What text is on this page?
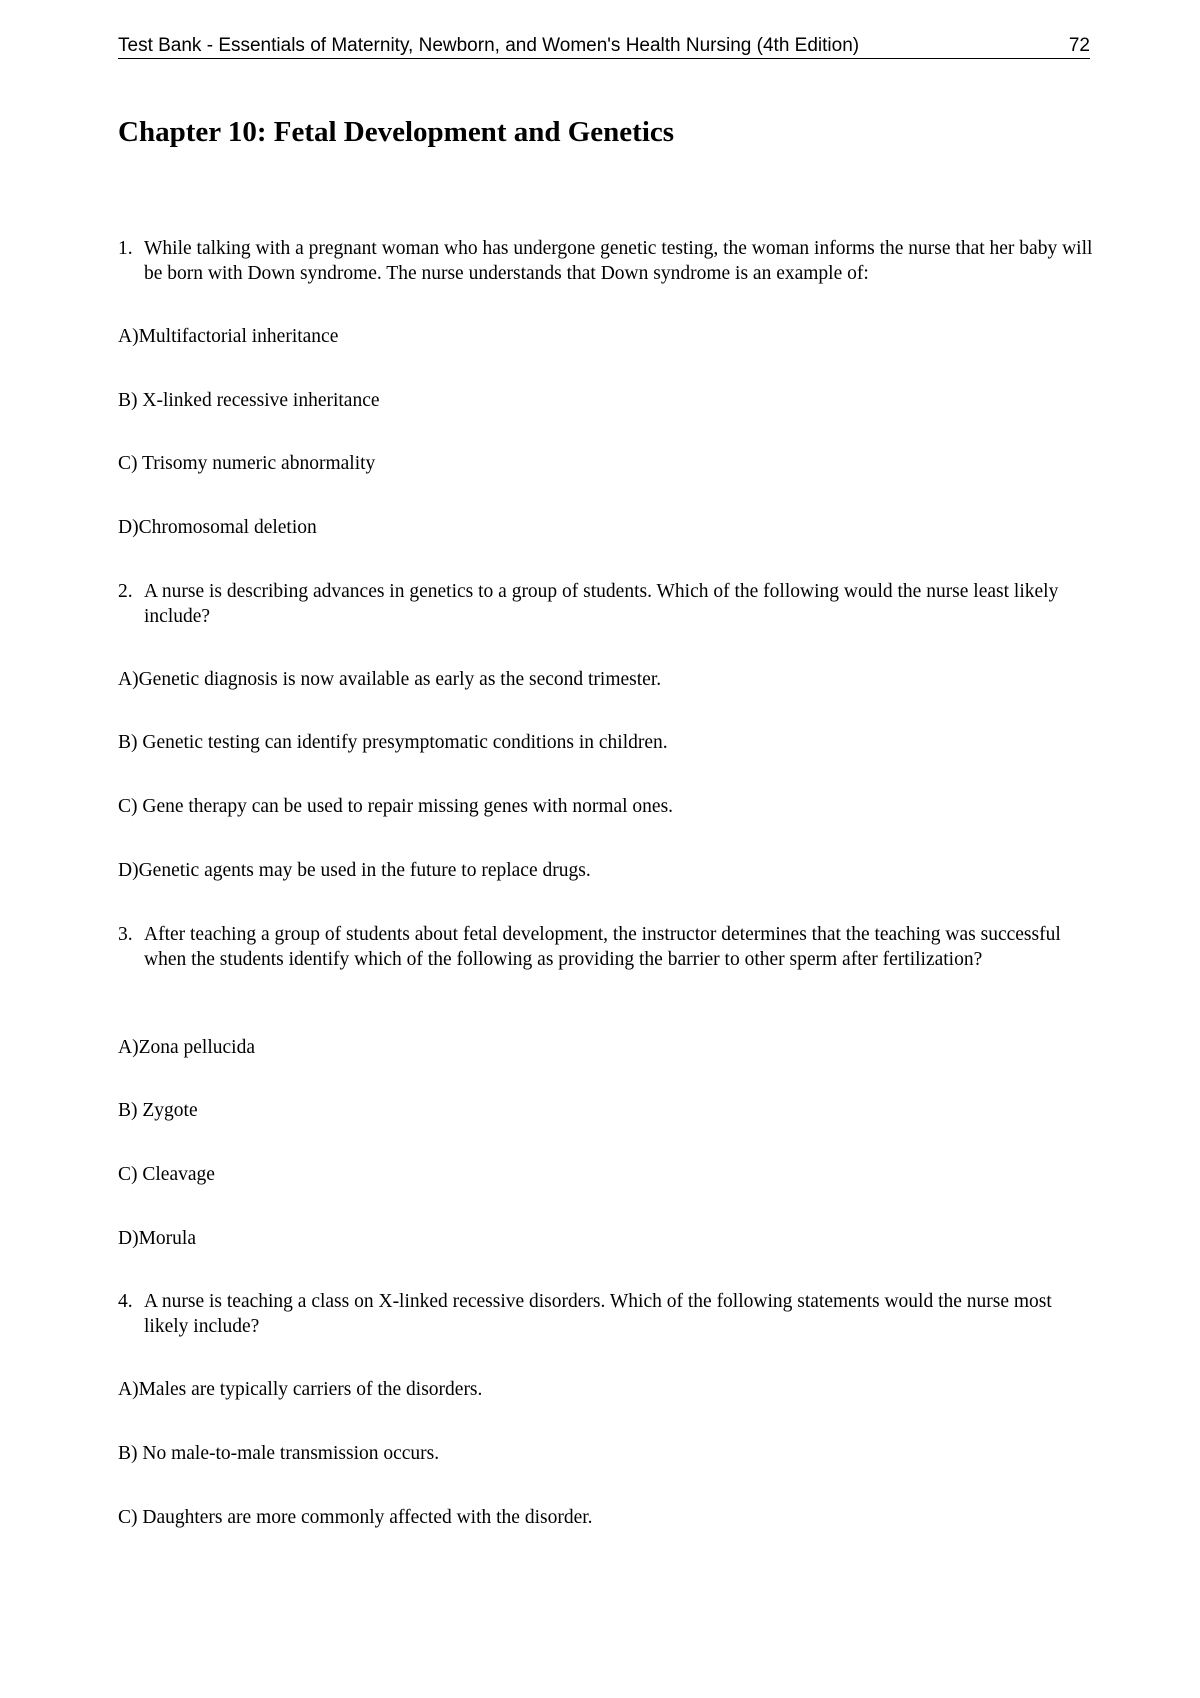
Test Bank - Essentials of Maternity, Newborn, and Women's Health Nursing (4th Edition)	72
Chapter 10: Fetal Development and Genetics
1. While talking with a pregnant woman who has undergone genetic testing, the woman informs the nurse that her baby will be born with Down syndrome. The nurse understands that Down syndrome is an example of:
A)Multifactorial inheritance
B) X-linked recessive inheritance
C) Trisomy numeric abnormality
D)Chromosomal deletion
2. A nurse is describing advances in genetics to a group of students. Which of the following would the nurse least likely include?
A)Genetic diagnosis is now available as early as the second trimester.
B) Genetic testing can identify presymptomatic conditions in children.
C) Gene therapy can be used to repair missing genes with normal ones.
D)Genetic agents may be used in the future to replace drugs.
3. After teaching a group of students about fetal development, the instructor determines that the teaching was successful when the students identify which of the following as providing the barrier to other sperm after fertilization?
A)Zona pellucida
B) Zygote
C) Cleavage
D)Morula
4. A nurse is teaching a class on X-linked recessive disorders. Which of the following statements would the nurse most likely include?
A)Males are typically carriers of the disorders.
B) No male-to-male transmission occurs.
C) Daughters are more commonly affected with the disorder.
